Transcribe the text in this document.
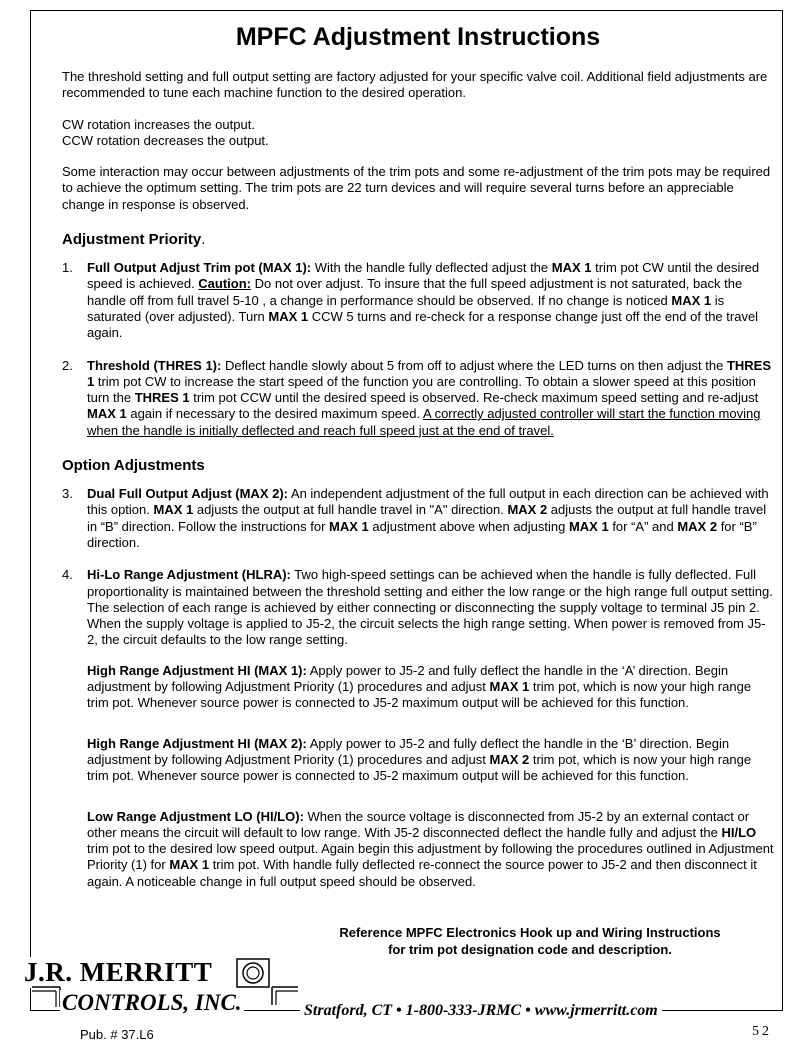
MPFC Adjustment Instructions

The threshold setting and full output setting are factory adjusted for your specific valve coil. Additional field adjustments are recommended to tune each machine function to the desired operation.

CW rotation increases the output.
CCW rotation decreases the output.

Some interaction may occur between adjustments of the trim pots and some re-adjustment of the trim pots may be required to achieve the optimum setting. The trim pots are 22 turn devices and will require several turns before an appreciable change in response is observed.

Adjustment Priority.
1. Full Output Adjust Trim pot (MAX 1): With the handle fully deflected adjust the MAX 1 trim pot CW until the desired speed is achieved. Caution: Do not over adjust. To insure that the full speed adjustment is not saturated, back the handle off from full travel 5-10 , a change in performance should be observed. If no change is noticed MAX 1 is saturated (over adjusted). Turn MAX 1 CCW 5 turns and re-check for a response change just off the end of the travel again.
2. Threshold (THRES 1): Deflect handle slowly about 5 from off to adjust where the LED turns on then adjust the THRES 1 trim pot CW to increase the start speed of the function you are controlling. To obtain a slower speed at this position turn the THRES 1 trim pot CCW until the desired speed is observed. Re-check maximum speed setting and re-adjust MAX 1 again if necessary to the desired maximum speed. A correctly adjusted controller will start the function moving when the handle is initially deflected and reach full speed just at the end of travel.
Option Adjustments
3. Dual Full Output Adjust (MAX 2): An independent adjustment of the full output in each direction can be achieved with this option. MAX 1 adjusts the output at full handle travel in "A" direction. MAX 2 adjusts the output at full handle travel in “B” direction. Follow the instructions for MAX 1 adjustment above when adjusting MAX 1 for “A” and MAX 2 for “B” direction.
4. Hi-Lo Range Adjustment (HLRA): Two high-speed settings can be achieved when the handle is fully deflected. Full proportionality is maintained between the threshold setting and either the low range or the high range full output setting. The selection of each range is achieved by either connecting or disconnecting the supply voltage to terminal J5 pin 2. When the supply voltage is applied to J5-2, the circuit selects the high range setting. When power is removed from J5-2, the circuit defaults to the low range setting.

High Range Adjustment HI (MAX 1): Apply power to J5-2 and fully deflect the handle in the ‘A’ direction. Begin adjustment by following Adjustment Priority (1) procedures and adjust MAX 1 trim pot, which is now your high range trim pot. Whenever source power is connected to J5-2 maximum output will be achieved for this function.

High Range Adjustment HI (MAX 2): Apply power to J5-2 and fully deflect the handle in the ‘B’ direction. Begin adjustment by following Adjustment Priority (1) procedures and adjust MAX 2 trim pot, which is now your high range trim pot. Whenever source power is connected to J5-2 maximum output will be achieved for this function.

Low Range Adjustment LO (HI/LO): When the source voltage is disconnected from J5-2 by an external contact or other means the circuit will default to low range. With J5-2 disconnected deflect the handle fully and adjust the HI/LO trim pot to the desired low speed output. Again begin this adjustment by following the procedures outlined in Adjustment Priority (1) for MAX 1 trim pot. With handle fully deflected re-connect the source power to J5-2 and then disconnect it again. A noticeable change in full output speed should be observed.

Reference MPFC Electronics Hook up and Wiring Instructions
for trim pot designation code and description.
J.R. MERRITT
CONTROLS, INC.	Stratford, CT • 1-800-333-JRMC • www.jrmerritt.com
Pub. # 37.L6	52
